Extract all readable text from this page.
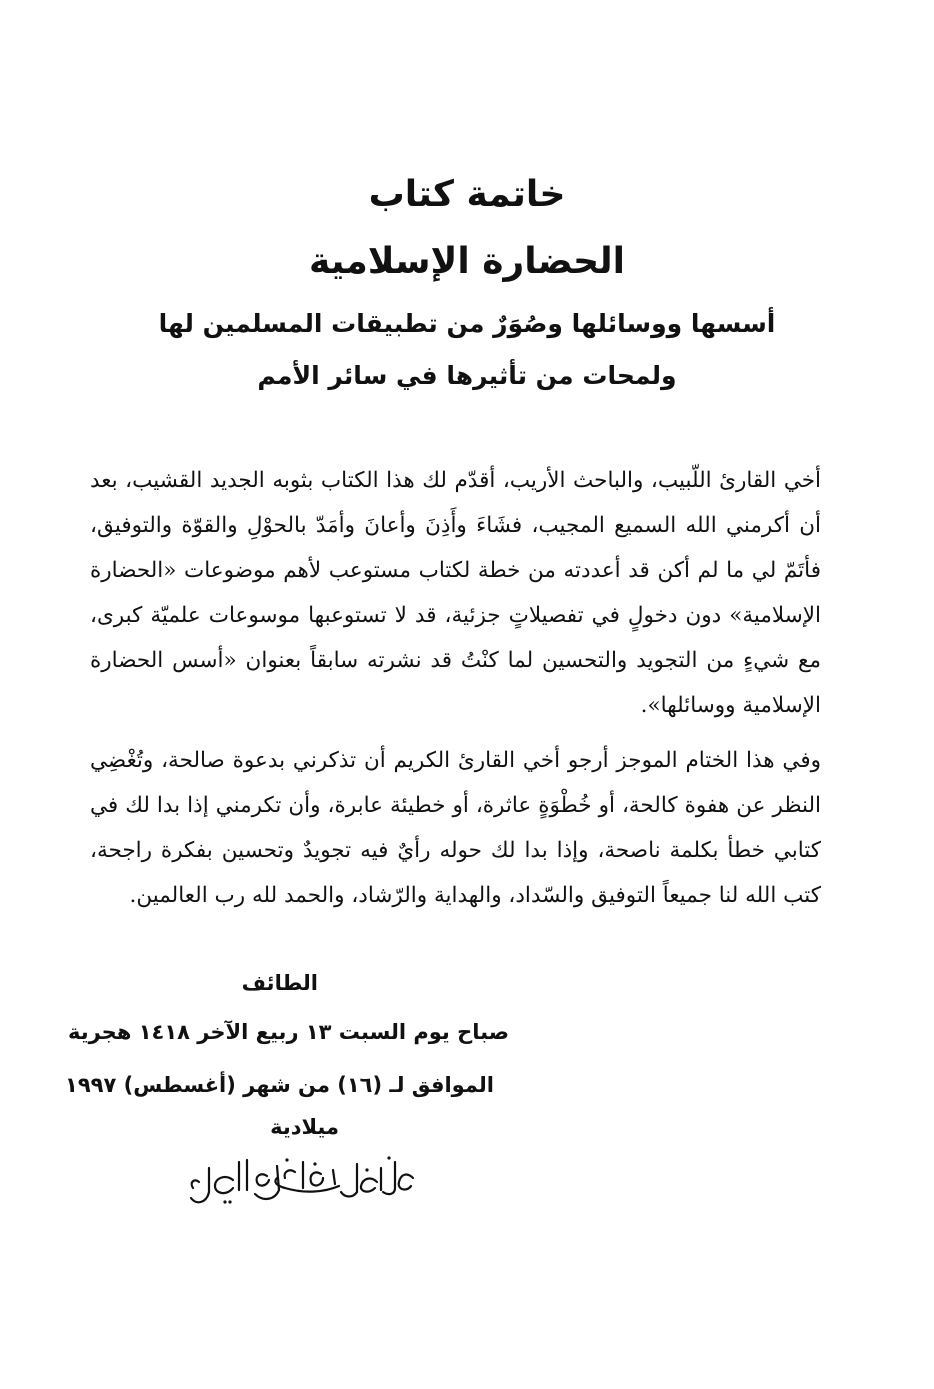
خاتمة كتاب
الحضارة الإسلامية
أسسها ووسائلها وصُوَرٌ من تطبيقات المسلمين لها
ولمحات من تأثيرها في سائر الأمم

أخي القارئ اللّبيب، والباحث الأريب، أقدّم لك هذا الكتاب بثوبه الجديد القشيب، بعد أن أكرمني الله السميع المجيب، فشَاءَ وأَذِنَ وأعانَ وأمَدّ بالحوْلِ والقوّة والتوفيق، فأتَمّ لي ما لم أكن قد أعددته من خطة لكتاب مستوعب لأهم موضوعات «الحضارة الإسلامية» دون دخولٍ في تفصيلاتٍ جزئية، قد لا تستوعبها موسوعات علميّة كبرى، مع شيءٍ من التجويد والتحسين لما كنْتُ قد نشرته سابقاً بعنوان «أسس الحضارة الإسلامية ووسائلها».

وفي هذا الختام الموجز أرجو أخي القارئ الكريم أن تذكرني بدعوة صالحة، وتُغْضِي النظر عن هفوة كالحة، أو خُطْوَةٍ عاثرة، أو خطيئة عابرة، وأن تكرمني إذا بدا لك في كتابي خطأ بكلمة ناصحة، وإذا بدا لك حوله رأيٌ فيه تجويدٌ وتحسين بفكرة راجحة، كتب الله لنا جميعاً التوفيق والسّداد، والهداية والرّشاد، والحمد لله رب العالمين.

الطائف

صباح يوم السبت ١٣ ربيع الآخر ١٤١٨ هجرية

الموافق لـ (١٦) من شهر (أغسطس) ١٩٩٧

ميلادية
